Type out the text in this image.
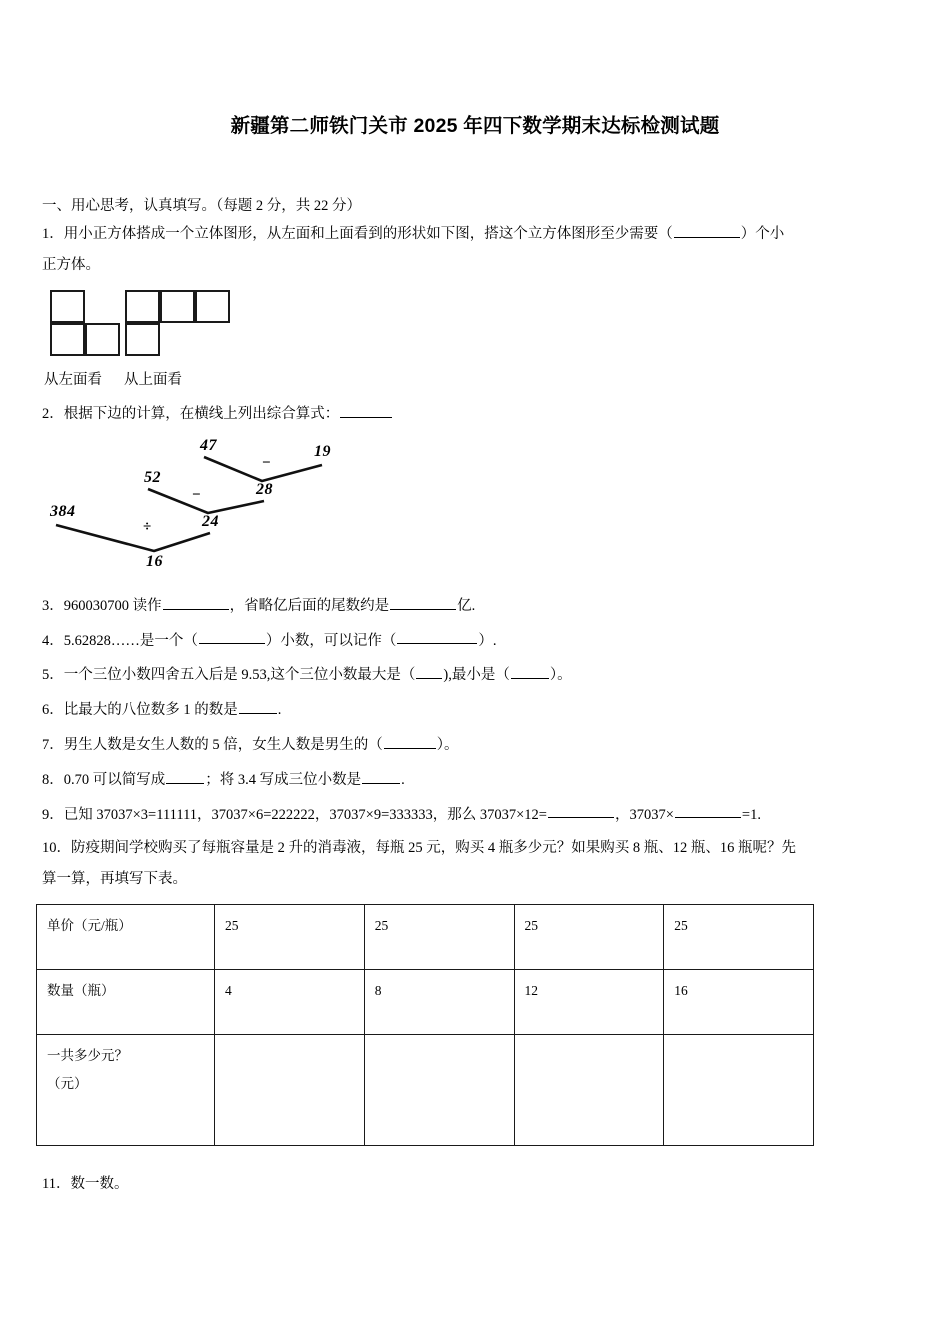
新疆第二师铁门关市 2025 年四下数学期末达标检测试题
一、用心思考，认真填写。（每题 2 分，共 22 分）
1．用小正方体搭成一个立体图形，从左面和上面看到的形状如下图，搭这个立方体图形至少需要（	）个小
正方体。
从左面看 从上面看
2．根据下边的计算，在横线上列出综合算式：
384
16
24
52
28
47	19
÷
−
−
3．960030700 读作	，省略亿后面的尾数约是	亿.
4．5.62828……是一个（	）小数，可以记作（	）.
5．一个三位小数四舍五入后是 9.53,这个三位小数最大是（ ),最小是（	）。
6．比最大的八位数多 1 的数是	.
7．男生人数是女生人数的 5 倍，女生人数是男生的（	）。
8．0.70 可以简写成	；将 3.4 写成三位小数是	.
9．已知 37037×3=111111，37037×6=222222，37037×9=333333，那么 37037×12=	，37037×	=1.
10．防疫期间学校购买了每瓶容量是 2 升的消毒液，每瓶 25 元，购买 4 瓶多少元？如果购买 8 瓶、12 瓶、16 瓶呢？先
算一算，再填写下表。
单价（元/瓶）	25	25	25	25
数量（瓶）	4	8	12	16

一共多少元？
（元）				

11．数一数。
